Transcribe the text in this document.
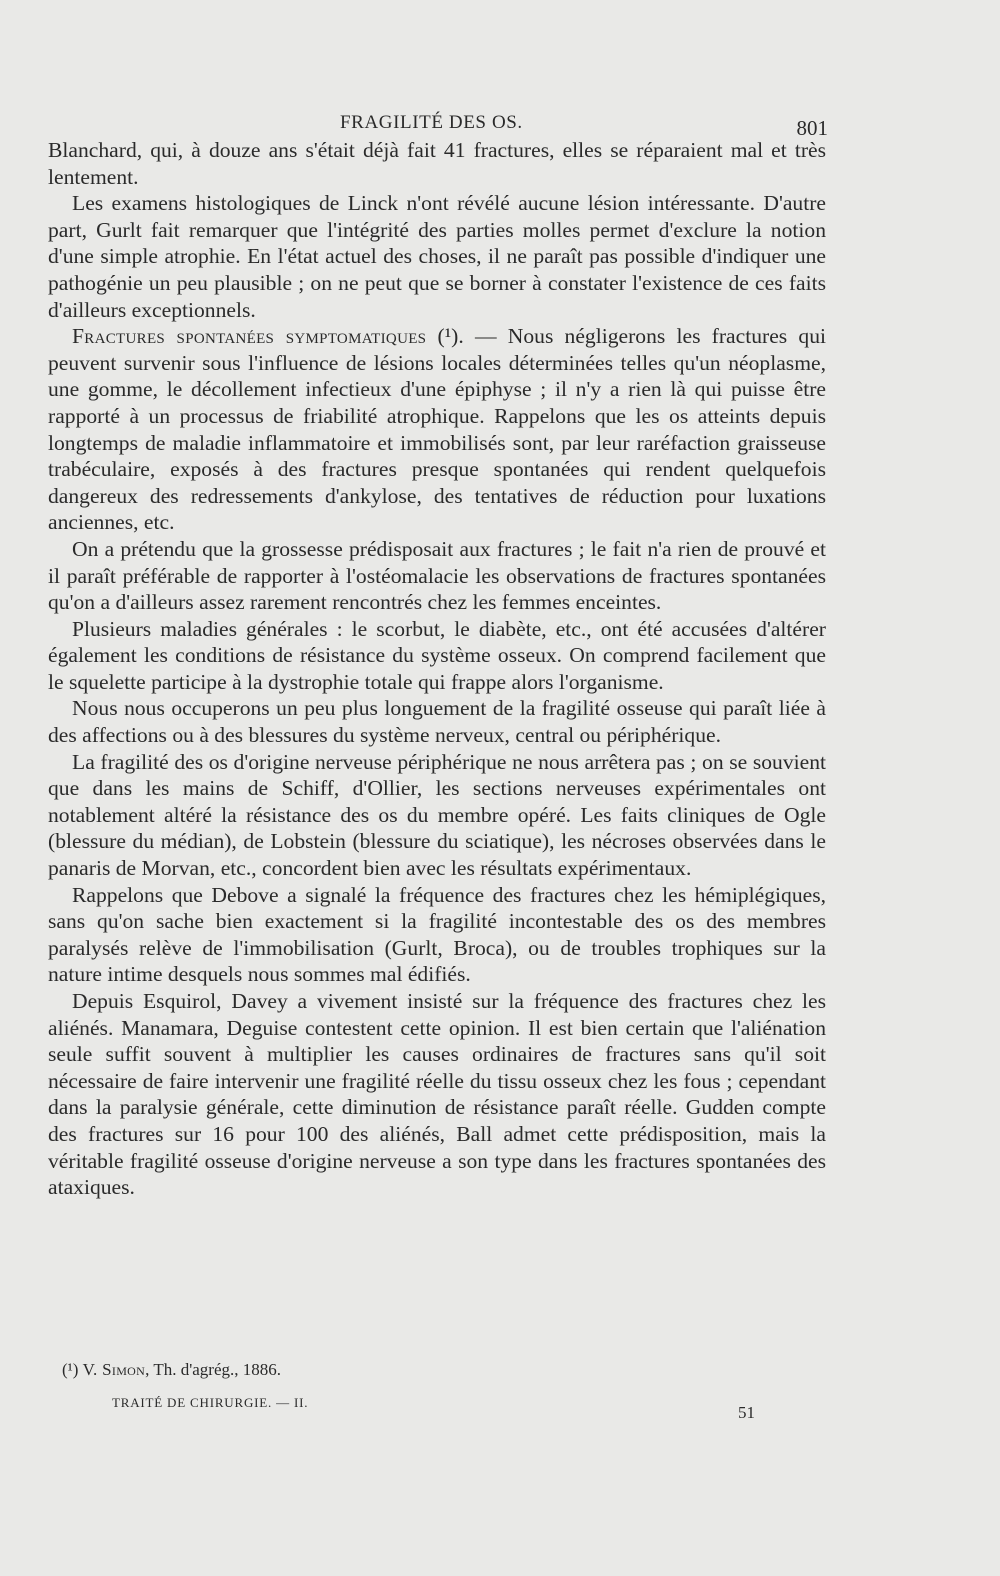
FRAGILITÉ DES OS.	801

Blanchard, qui, à douze ans s'était déjà fait 41 fractures, elles se réparaient mal et très lentement.

Les examens histologiques de Linck n'ont révélé aucune lésion intéressante. D'autre part, Gurlt fait remarquer que l'intégrité des parties molles permet d'exclure la notion d'une simple atrophie. En l'état actuel des choses, il ne paraît pas possible d'indiquer une pathogénie un peu plausible ; on ne peut que se borner à constater l'existence de ces faits d'ailleurs exceptionnels.

Fractures spontanées symptomatiques (¹). — Nous négligerons les fractures qui peuvent survenir sous l'influence de lésions locales déterminées telles qu'un néoplasme, une gomme, le décollement infectieux d'une épiphyse ; il n'y a rien là qui puisse être rapporté à un processus de friabilité atrophique. Rappelons que les os atteints depuis longtemps de maladie inflammatoire et immobilisés sont, par leur raréfaction graisseuse trabéculaire, exposés à des fractures presque spontanées qui rendent quelquefois dangereux des redressements d'ankylose, des tentatives de réduction pour luxations anciennes, etc.

On a prétendu que la grossesse prédisposait aux fractures ; le fait n'a rien de prouvé et il paraît préférable de rapporter à l'ostéomalacie les observations de fractures spontanées qu'on a d'ailleurs assez rarement rencontrés chez les femmes enceintes.

Plusieurs maladies générales : le scorbut, le diabète, etc., ont été accusées d'altérer également les conditions de résistance du système osseux. On comprend facilement que le squelette participe à la dystrophie totale qui frappe alors l'organisme.

Nous nous occuperons un peu plus longuement de la fragilité osseuse qui paraît liée à des affections ou à des blessures du système nerveux, central ou périphérique.

La fragilité des os d'origine nerveuse périphérique ne nous arrêtera pas ; on se souvient que dans les mains de Schiff, d'Ollier, les sections nerveuses expérimentales ont notablement altéré la résistance des os du membre opéré. Les faits cliniques de Ogle (blessure du médian), de Lobstein (blessure du sciatique), les nécroses observées dans le panaris de Morvan, etc., concordent bien avec les résultats expérimentaux.

Rappelons que Debove a signalé la fréquence des fractures chez les hémiplégiques, sans qu'on sache bien exactement si la fragilité incontestable des os des membres paralysés relève de l'immobilisation (Gurlt, Broca), ou de troubles trophiques sur la nature intime desquels nous sommes mal édifiés.

Depuis Esquirol, Davey a vivement insisté sur la fréquence des fractures chez les aliénés. Manamara, Deguise contestent cette opinion. Il est bien certain que l'aliénation seule suffit souvent à multiplier les causes ordinaires de fractures sans qu'il soit nécessaire de faire intervenir une fragilité réelle du tissu osseux chez les fous ; cependant dans la paralysie générale, cette diminution de résistance paraît réelle. Gudden compte des fractures sur 16 pour 100 des aliénés, Ball admet cette prédisposition, mais la véritable fragilité osseuse d'origine nerveuse a son type dans les fractures spontanées des ataxiques.

(¹) V. Simon, Th. d'agrég., 1886.
TRAITÉ DE CHIRURGIE. — II.
51
